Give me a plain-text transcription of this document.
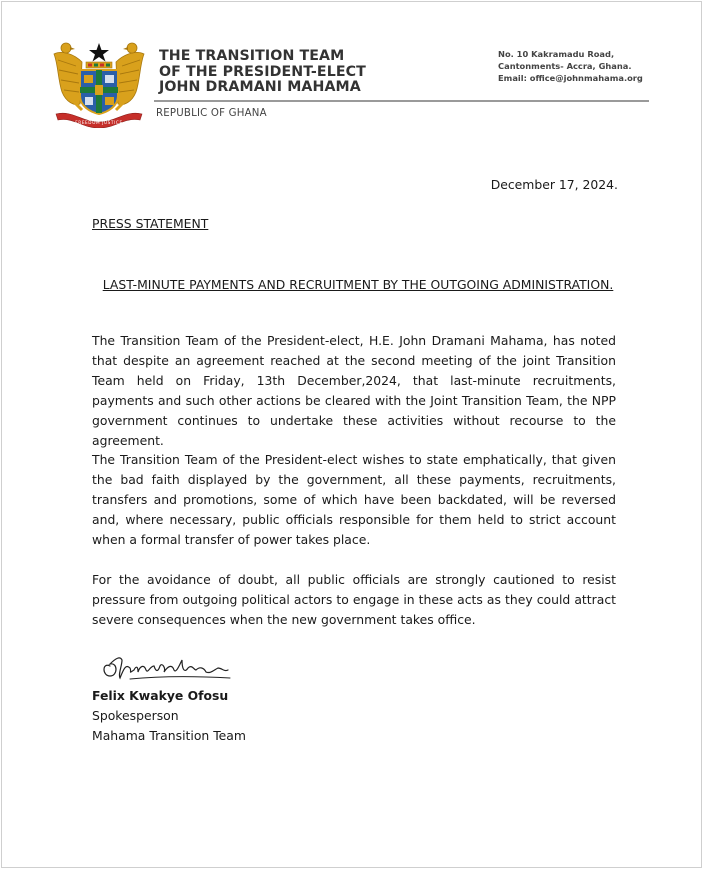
FREEDOM JUSTICE
THE TRANSITION TEAM
OF THE PRESIDENT-ELECT
JOHN DRAMANI MAHAMA
No. 10 Kakramadu Road,
Cantonments- Accra, Ghana.
Email: office@johnmahama.org
REPUBLIC OF GHANA
December 17, 2024.
PRESS STATEMENT
LAST-MINUTE PAYMENTS AND RECRUITMENT BY THE OUTGOING ADMINISTRATION.

The Transition Team of the President-elect, H.E. John Dramani Mahama, has noted that despite an agreement reached at the second meeting of the joint Transition Team held on Friday, 13th December,2024, that last-minute recruitments, payments and such other actions be cleared with the Joint Transition Team, the NPP government continues to undertake these activities without recourse to the agreement.

The Transition Team of the President-elect wishes to state emphatically, that given the bad faith displayed by the government, all these payments, recruitments, transfers and promotions, some of which have been backdated, will be reversed and, where necessary, public officials responsible for them held to strict account when a formal transfer of power takes place.

For the avoidance of doubt, all public officials are strongly cautioned to resist pressure from outgoing political actors to engage in these acts as they could attract severe consequences when the new government takes office.

Felix Kwakye Ofosu
Spokesperson
Mahama Transition Team
